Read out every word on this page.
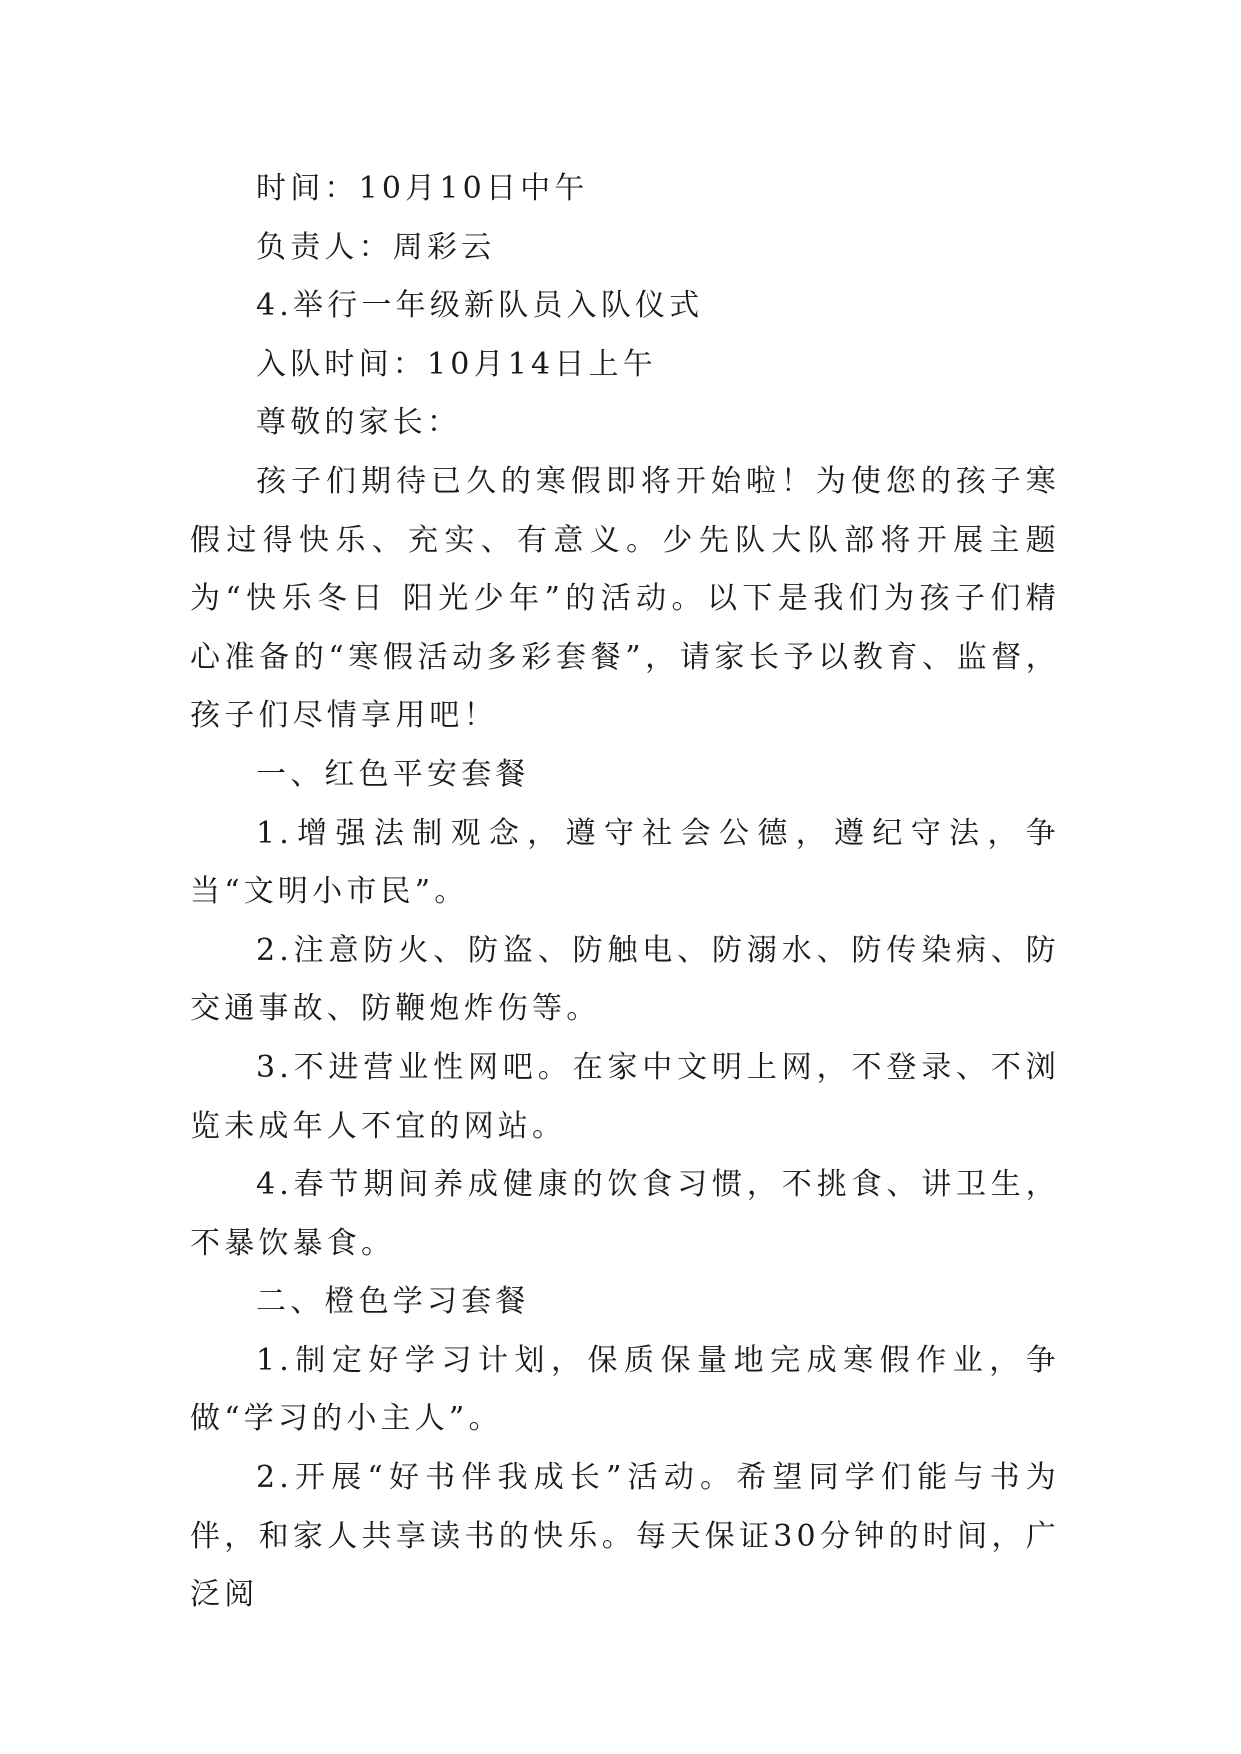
时间：10月10日中午

负责人：周彩云

4.举行一年级新队员入队仪式

入队时间：10月14日上午

尊敬的家长：

孩子们期待已久的寒假即将开始啦！为使您的孩子寒假过得快乐、充实、有意义。少先队大队部将开展主题为“快乐冬日 阳光少年”的活动。以下是我们为孩子们精心准备的“寒假活动多彩套餐”，请家长予以教育、监督，孩子们尽情享用吧！

一、红色平安套餐

1.增强法制观念，遵守社会公德，遵纪守法，争当“文明小市民”。

2.注意防火、防盗、防触电、防溺水、防传染病、防交通事故、防鞭炮炸伤等。

3.不进营业性网吧。在家中文明上网，不登录、不浏览未成年人不宜的网站。

4.春节期间养成健康的饮食习惯，不挑食、讲卫生，不暴饮暴食。

二、橙色学习套餐

1.制定好学习计划，保质保量地完成寒假作业，争做“学习的小主人”。

2.开展“好书伴我成长”活动。希望同学们能与书为伴，和家人共享读书的快乐。每天保证30分钟的时间，广泛阅
